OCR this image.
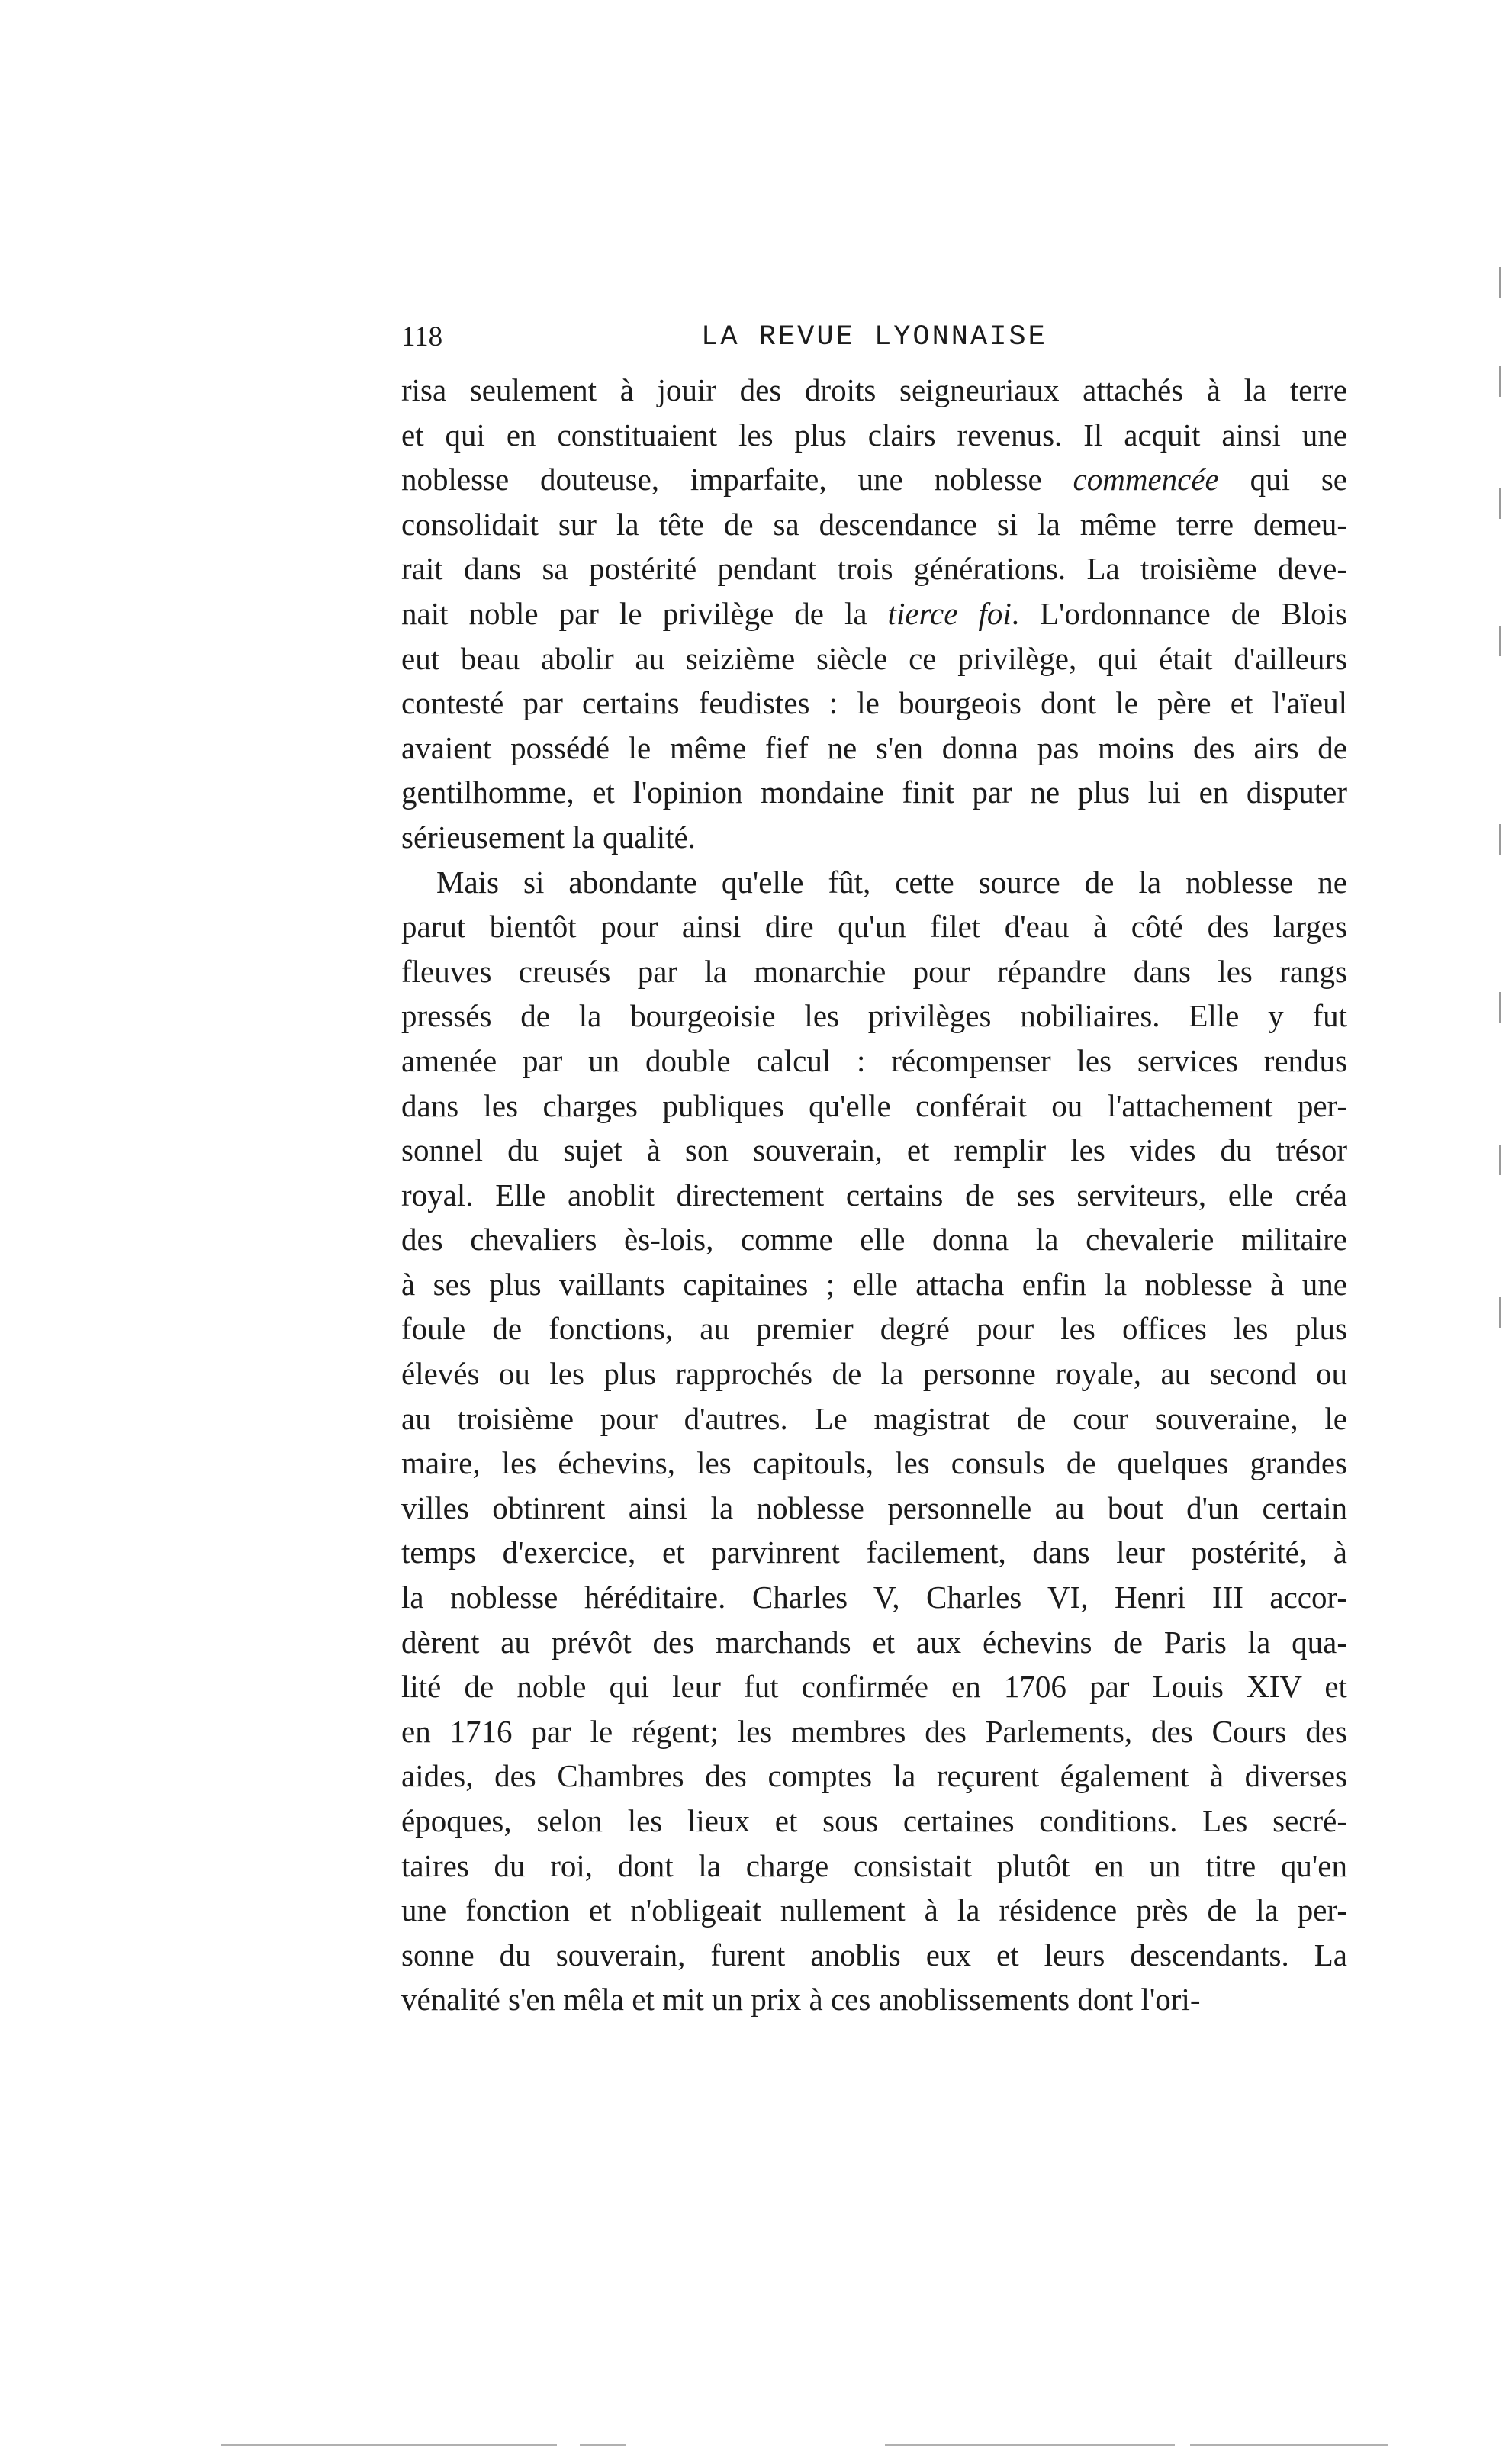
118	LA REVUE LYONNAISE
risa seulement à jouir des droits seigneuriaux attachés à la terre
et qui en constituaient les plus clairs revenus. Il acquit ainsi une
noblesse douteuse, imparfaite, une noblesse commencée qui se
consolidait sur la tête de sa descendance si la même terre demeu-
rait dans sa postérité pendant trois générations. La troisième deve-
nait noble par le privilège de la tierce foi. L'ordonnance de Blois
eut beau abolir au seizième siècle ce privilège, qui était d'ailleurs
contesté par certains feudistes : le bourgeois dont le père et l'aïeul
avaient possédé le même fief ne s'en donna pas moins des airs de
gentilhomme, et l'opinion mondaine finit par ne plus lui en disputer
sérieusement la qualité.
Mais si abondante qu'elle fût, cette source de la noblesse ne
parut bientôt pour ainsi dire qu'un filet d'eau à côté des larges
fleuves creusés par la monarchie pour répandre dans les rangs
pressés de la bourgeoisie les privilèges nobiliaires. Elle y fut
amenée par un double calcul : récompenser les services rendus
dans les charges publiques qu'elle conférait ou l'attachement per-
sonnel du sujet à son souverain, et remplir les vides du trésor
royal. Elle anoblit directement certains de ses serviteurs, elle créa
des chevaliers ès-lois, comme elle donna la chevalerie militaire
à ses plus vaillants capitaines ; elle attacha enfin la noblesse à une
foule de fonctions, au premier degré pour les offices les plus
élevés ou les plus rapprochés de la personne royale, au second ou
au troisième pour d'autres. Le magistrat de cour souveraine, le
maire, les échevins, les capitouls, les consuls de quelques grandes
villes obtinrent ainsi la noblesse personnelle au bout d'un certain
temps d'exercice, et parvinrent facilement, dans leur postérité, à
la noblesse héréditaire. Charles V, Charles VI, Henri III accor-
dèrent au prévôt des marchands et aux échevins de Paris la qua-
lité de noble qui leur fut confirmée en 1706 par Louis XIV et
en 1716 par le régent; les membres des Parlements, des Cours des
aides, des Chambres des comptes la reçurent également à diverses
époques, selon les lieux et sous certaines conditions. Les secré-
taires du roi, dont la charge consistait plutôt en un titre qu'en
une fonction et n'obligeait nullement à la résidence près de la per-
sonne du souverain, furent anoblis eux et leurs descendants. La
vénalité s'en mêla et mit un prix à ces anoblissements dont l'ori-
